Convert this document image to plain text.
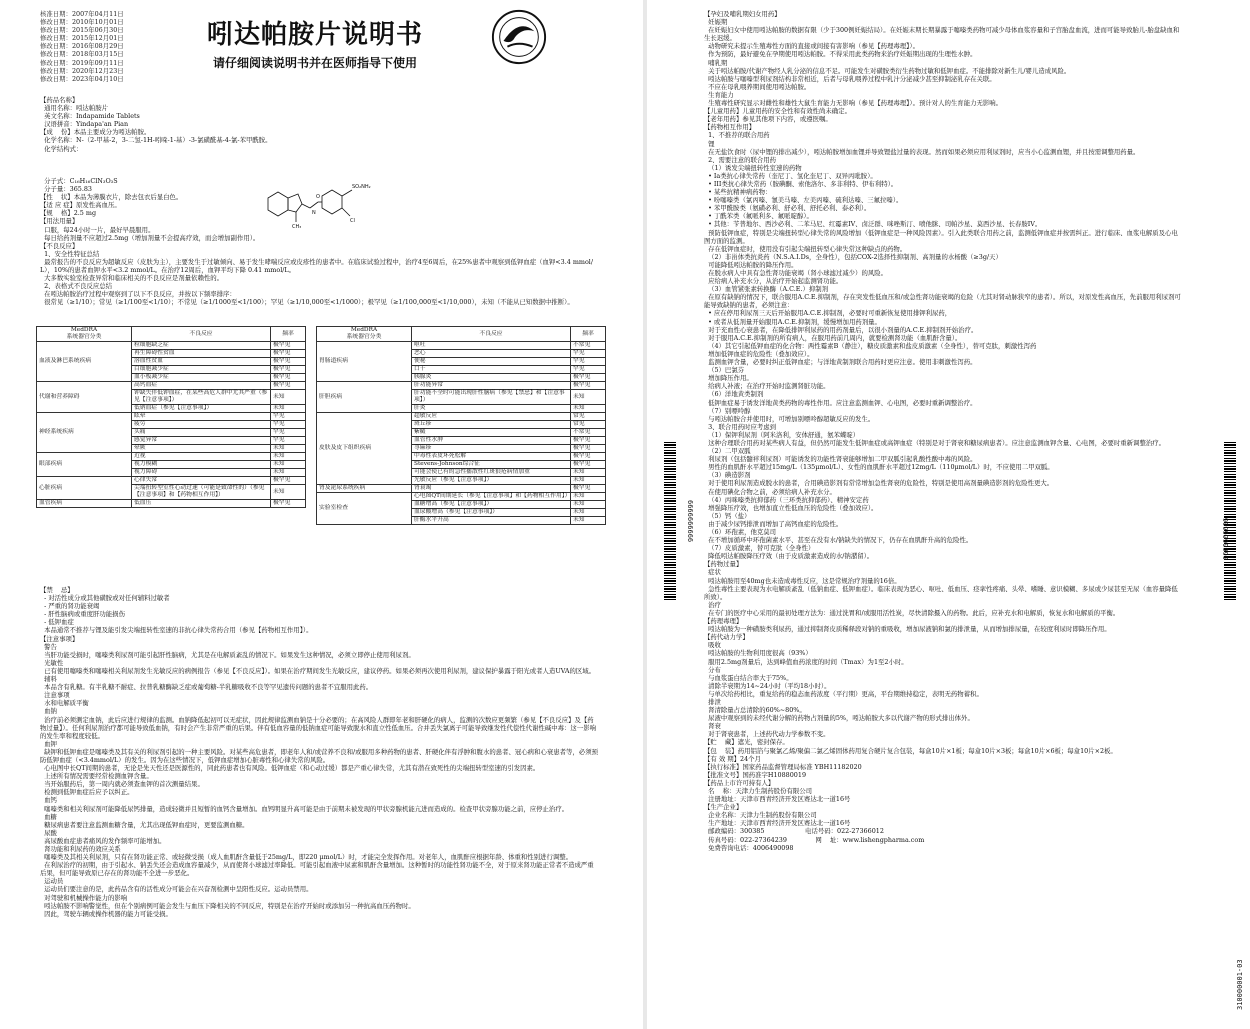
核准日期：2007年04月11日
修改日期：2010年10月01日
修改日期：2015年06月30日
修改日期：2015年12月01日
修改日期：2016年08月29日
修改日期：2018年03月15日
修改日期：2019年09月11日
修改日期：2020年12月23日
修改日期：2023年04月10日
吲达帕胺片说明书
请仔细阅读说明书并在医师指导下使用
【药品名称】
通用名称：吲达帕胺片
英文名称：Indapamide Tablets
汉语拼音：Yindapa'an Pian
【成    份】本品主要成分为吲达帕胺。
化学名称：N-（2-甲基-2，3-二氢-1H-吲哚-1-基）-3-氯磺酰基-4-氯-苯甲酰胺。
化学结构式：

分子式：C₁₆H₁₆ClN₃O₃S
分子量：365.83
【性    状】本品为薄膜衣片，除去包衣后显白色。
【适 应 症】原发性高血压。
【规    格】2.5 mg
【用法用量】
口服，每24小时一片，最好早晨服用。
每日给药剂量不应超过2.5mg（增加剂量不会提高疗效，而会增加副作用）。
【不良反应】
1、安全性特征总结
最常报告的不良反应为超敏反应（皮肤为主），主要发生于过敏倾向、易于发生哮喘反应或皮疹性的患者中。在临床试验过程中，治疗4至6周后，在25%患者中观察到低钾血症（血钾<3.4 mmol/L），10%的患者血钾水平<3.2 mmol/L。在治疗12周后，血钾平均下降 0.41 mmol/L。
大多数实验室检查异常和临床相关的不良反应是剂量依赖性的。
2、表格式不良反应总结
在吲达帕胺治疗过程中观察到了以下不良反应，并按以下频率排序：
很常见（≥1/10）；常见（≥1/100至<1/10）；不常见（≥1/1000至<1/100）；罕见（≥1/10,000至<1/1000）；极罕见（≥1/100,000至<1/10,000），未知（不能从已知数据中推断）。
N
O
SO₂NH₂
Cl
CH₃
MedDRA
系统器官分类	不良反应	频率
血液及淋巴系统疾病	粒细胞缺乏症	极罕见
	再生障碍性贫血	极罕见
	溶血性贫血	极罕见
	白细胞减少症	极罕见
	血小板减少症	极罕见
代谢和营养障碍	高钙血症	极罕见
	钾缺失伴低钾血症，在某些高危人群中尤其严重（参见【注意事项】）	未知
	低钠血症（参见【注意事项】）	未知
神经系统疾病	眩晕	罕见
	疲劳	罕见
	头痛	罕见
	感觉异常	罕见
	晕厥	未知
眼部疾病	近视	未知
	视力模糊	未知
	视力障碍	未知
心脏疾病	心律失常	极罕见
	尖端扭转型室性心动过速（可能是致命性的）（参见【注意事项】和【药物相互作用】）	未知
血管疾病	低血压	极罕见
MedDRA
系统器官分类	不良反应	频率
胃肠道疾病	呕吐	不常见
	恶心	罕见
	便秘	罕见
	口干	罕见
	胰腺炎	极罕见
肝胆疾病	肝功能异常	极罕见
	肝功能不全时可能出现肝性脑病（参见【禁忌】和【注意事项】）	未知
	肝炎	未知
皮肤及皮下组织疾病	超敏反应	常见
	斑丘疹	常见
	紫癜	不常见
	血管性水肿	极罕见
	荨麻疹	极罕见
	中毒性表皮坏死松解	极罕见
	Stevens-Johnson综合征	极罕见
	可能会使已有的急性播散性红斑狼疮病情加重	未知
	光敏反应（参见【注意事项】）	未知
肾及泌尿系统疾病	肾衰竭	极罕见
实验室检查	心电图QT间期延长（参见【注意事项】和【药物相互作用】）	未知
	血糖增高（参见【注意事项】）	未知
	血尿酸增高（参见【注意事项】）	未知
	肝酶水平升高	未知
【禁    忌】
- 对活性成分或其他磺胺或对任何辅料过敏者
- 严重的肾功能衰竭
- 肝性脑病或重度肝功能损伤
- 低钾血症
本品通常不推荐与锂及能引发尖端扭转性室速的非抗心律失常药合用（参见【药物相互作用】）。
【注意事项】
警告
当肝功能受损时，噻嗪类利尿剂可能引起肝性脑病，尤其是在电解质紊乱的情况下。如果发生这种情况，必须立即停止使用利尿剂。
光敏性
已有使用噻嗪类和噻嗪相关利尿剂发生光敏反应的病例报告（参见【不良反应】）。如果在治疗期间发生光敏反应，建议停药。如果必须再次使用利尿剂，建议保护暴露于阳光或者人造UVA的区域。
辅料
本品含有乳糖。有半乳糖不耐症、拉普乳糖酶缺乏症或葡萄糖-半乳糖吸收不良等罕见遗传问题的患者不宜服用此药。
注意事项
水和电解质平衡
血钠
治疗前必须测定血钠，此后应进行规律的监测。血钠降低起初可以无症状，因此规律监测血钠是十分必要的；在高风险人群即年老和肝硬化的病人，监测的次数应更频繁（参见【不良反应】及【药物过量】）。任何利尿剂治疗都可能导致低血钠，有时会产生非常严重的后果。伴有低血容量的低钠血症可能导致脱水和直立性低血压。合并丢失氯离子可能导致继发性代偿性代谢性碱中毒：这一影响的发生率和程度较低。
血钾
缺钾和低钾血症是噻嗪类及其有关的利尿剂引起的一种主要风险。对某些高危患者，即老年人和/或营养不良和/或服用多种药物的患者、肝硬化伴有浮肿和腹水的患者、冠心病和心衰患者等，必须预防低钾血症（<3.4mmol/L）的发生。因为在这些情况下，低钾血症增加心脏毒性和心律失常的风险。
心电图中长QT间期的患者，无论是先天性还是医源性的，同此药患者也有风险。低钾血症（和心动过缓）都是产重心律失常，尤其有潜在致死性的尖端扭转型室速的引发因素。
上述所有情况需要经常检测血钾含量。
当开始服药后，第一周内就必须查血钾的首次测量结果。
检测到低钾血症后应予以纠正。
血钙
噻嗪类和相关利尿剂可能降低尿钙排量，造成轻微并且短暂的血钙含量增加。血钙明显升高可能是由于前期未被发现的甲状旁腺机能亢进而造成的。检查甲状旁腺功能之前，应停止治疗。
血糖
糖尿病患者要注意监测血糖含量，尤其出现低钾血症时，更要监测血糖。
尿酸
高尿酸血症患者痛风的发作频率可能增加。
肾功能和利尿药的效应关系
噻嗪类及其相关利尿剂，只有在肾功能正常、或轻微受损（成人血肌酐含量低于25mg/L，即220 µmol/L）时，才能完全发挥作用。对老年人，血肌酐应根据年龄、体重和性别进行调整。
在利尿治疗的初期，由于引起水、钠丢失还会造成血容量减少，从而使肾小球滤过率降低。可能引起血液中尿素和肌酐含量增加。这种暂时的功能性肾功能不全，对于原来肾功能正常者不造成严重后果，但可能导致原已存在的肾功能不全进一步恶化。
运动员
运动员们要注意的是，此药品含有的活性成分可能会在兴奋剂检测中呈阳性反应。运动员禁用。
对驾驶和机械操作能力的影响
吲达帕胺不影响警觉性，但在个别病例可能会发生与血压下降相关的不同反应，特别是在治疗开始时或添加另一种抗高血压药物时。
因此，驾驶车辆或操作机器的能力可能受损。
【孕妇及哺乳期妇女用药】
妊娠期
在妊娠妇女中使用吲达帕胺的数据有限（少于300例妊娠结局）。在妊娠末期长期暴露于噻嗪类药物可减少母体血浆容量和子宫胎盘血流，进而可能导致胎儿-胎盘缺血和生长迟缓。
动物研究未提示生殖毒性方面的直接或间接有害影响（参见【药理毒理】）。
作为预防，最好避免在孕期使用吲达帕胺。不得采用此类药物来治疗妊娠期出现的生理性水肿。
哺乳期
关于吲达帕胺/代谢产物经人乳分泌的信息不足。可能发生对磺胺类衍生药物过敏和低钾血症。不能排除对新生儿/婴儿造成风险。
吲达帕胺与噻嗪型利尿剂结构非常相近，后者与母乳喂养过程中乳汁分泌减少甚至抑制泌乳存在关联。
不应在母乳喂养期间使用吲达帕胺。
生育能力
生殖毒性研究显示对雌性和雄性大鼠生育能力无影响（参见【药理毒理】）。预计对人的生育能力无影响。
【儿童用药】儿童用药的安全性和有效性尚未确定。
【老年用药】参见其他项下内容，或遵医嘱。
【药物相互作用】
1、不推荐的联合用药
锂
在无盐饮食时（尿中锂的排出减少），吲达帕胺增加血锂并导致锂盐过量的表现。然而如果必须应用利尿剂时，应当小心监测血锂，并且按需调整用药量。
2、需要注意的联合用药
（1）诱发尖端扭转性室速的药物
• Ia类抗心律失常药（奎尼丁、氢化奎尼丁、双异丙吡胺）。
• III类抗心律失常药（胺碘酮、索他洛尔、多非利特、伊布利特）。
• 某些抗精神病药物：
• 吩噻嗪类（氯丙嗪、氰美马嗪、左美丙嗪、硫利达嗪、三氟拉嗪）。
• 苯甲酰胺类（氨磺必利、舒必利、舒托必利、泰必利）。
• 丁酰苯类（氟哌利多、氟哌啶醇）。
• 其他：苄普地尔、西沙必利、二苯马尼、红霉素IV、卤泛群、咪唑斯汀、喷他脒、司帕沙星、莫西沙星、长春胺IV。
预防低钾血症，特别是尖端扭转型心律失常的风险增加（低钾血症是一种风险因素）。引入此类联合用药之前，监测低钾血症并按需纠正。进行临床、血浆电解质及心电图方面的监测。
存在低钾血症时，使用没有引起尖端扭转型心律失常这种缺点的药物。
（2）非甾体类抗炎药（N.S.A.I.Ds，全身性），包括COX-2选择性抑制剂、高剂量的水杨酸（≥3g/天）
可能降低吲达帕胺的降压作用。
在脱水病人中具有急性肾功能衰竭（肾小球滤过减少）的风险。
应给病人补充水分，从治疗开始起监测肾功能。
（3）血管紧张素转换酶（A.C.E.）抑制剂
在原有缺钠的情况下，联合服用A.C.E.抑制剂，存在突发性低血压和/或急性肾功能衰竭的危险（尤其对肾动脉狭窄的患者）。所以，对原发性高血压，先前服用利尿剂可能导致缺钠的患者，必须注意：
• 应在停用利尿剂三天后开始服用A.C.E.抑制剂，必要时可重新恢复使用排钾利尿药，
• 或者从低剂量开始服用A.C.E.抑制剂，缓慢增加用药剂量。
对于充血性心衰患者，在降低排钾利尿药的用药剂量后，以很小剂量的A.C.E.抑制剂开始治疗。
对于服用A.C.E.抑制剂的所有病人，在服用药前几周内，就要检测肾功能（血肌酐含量）。
（4）其它引起低钾血症的化合物：两性霉素B（静注），糖皮质激素和盐皮质激素（全身性），替可克肽，刺激性泻药
增加低钾血症的危险性（叠加效应）。
监测血钾含量，必要时纠正低钾血症；与洋地黄制剂联合用药时更应注意。使用非刺激性泻药。
（5）巴氯芬
增加降压作用。
给病人补液；在治疗开始时监测肾脏功能。
（6）洋地黄类制剂
低钾血症易于诱发洋地黄类药物的毒性作用。应注意监测血钾、心电图，必要时重新调整治疗。
（7）别嘌呤醇
与吲达帕胺合并使用时，可增加别嘌呤醇超敏反应的发生。
3、联合用药时应考虑到
（1）保钾利尿剂（阿米洛利，安体舒通，氨苯蝶啶）
这种合理联合用药对某些病人有益，但仍然可能发生低钾血症或高钾血症（特别是对于肾衰和糖尿病患者）。应注意监测血钾含量、心电图，必要时重新调整治疗。
（2）二甲双胍
利尿剂（包括髓袢利尿剂）可能诱发的功能性肾衰能够增加二甲双胍引起乳酸性酸中毒的风险。
男性的血肌酐水平超过15mg/L（135µmol/L）、女性的血肌酐水平超过12mg/L（110µmol/L）时，不应使用二甲双胍。
（3）碘造影剂
对于使用利尿剂造成脱水的患者，合用碘造影剂有常常增加急性肾衰的危险性，特别是使用高剂量碘造影剂的危险性更大。
在使用碘化合物之前，必须给病人补充水分。
（4）丙咪嗪类抗抑郁药（三环类抗抑郁药）、精神安定药
增强降压疗效，也增加直立性低血压的危险性（叠加效应）。
（5）钙（盐）
由于减少尿钙排泄而增加了高钙血症的危险性。
（6）环孢素，他克莫司
在不增加循环中环孢菌素水平、甚至在没有水/钠缺失的情况下，仍存在血肌酐升高的危险性。
（7）皮质激素，替可克肽（全身性）
降低吲达帕胺降压疗效（由于皮质激素造成的水/钠潴留）。
【药物过量】
症状
吲达帕胺用至40mg也未造成毒性反应，这是常规治疗剂量的16倍。
急性毒性主要表现为水电解质紊乱（低钠血症、低钾血症）。临床表现为恶心、呕吐、低血压、痉挛性疼痛、头晕、嗜睡、意识模糊、多尿或少尿甚至无尿（血容量降低所致）。
治疗
在专门的医疗中心采用的最初处理方法为：通过洗胃和/或服用活性炭，尽快清除摄入的药物。此后，应补充水和电解质，恢复水和电解质的平衡。
【药理毒理】
吲达帕胺为一种磺胺类利尿药，通过抑制肾皮质稀释段对钠的重吸收，增加尿液钠和氯的排泄量，从而增加排尿量，在较度利尿时即降压作用。
【药代动力学】
吸收
吲达帕胺的生物利用度很高（93%）
服用2.5mg剂量后，达到峰值血药浓度的时间（Tmax）为1至2小时。
分布
与血浆蛋白结合率大于75%。
清除半衰期为14~24小时（平均18小时）。
与单次给药相比，重复给药的稳态血药浓度（平行期）更高，平台期维持稳定，表明无药物蓄积。
排泄
肾清除量占总清除的60%~80%。
尿液中观察到的未经代谢分解的药物占剂量的5%，吲达帕胺大多以代谢产物的形式排出体外。
肾衰
对于肾衰患者，上述药代动力学参数不变。
【贮    藏】遮光，密封保存。
【包    装】药用铝箔与聚氯乙烯/聚偏二氯乙烯固体药用复合硬片复合包装，每盒10片×1板；每盒10片×3板；每盒10片×6板；每盒10片×2板。
【有 效 期】24个月
【执行标准】国家药品监督管理局标准 YBH11182020
【批准文号】国药准字H10880019
【药品上市许可持有人】
名    称：天津力生制药股份有限公司
注册地址：天津市西青经济开发区赛达北一道16号
【生产企业】
企业名称：天津力生制药股份有限公司
生产地址：天津市西青经济开发区赛达北一道16号
邮政编码：300385                    电话号码：022-27366012
传真号码：022-27364239              网    址：www.lishengpharma.com
免费咨询电话：4006490098
6666666666	6666666666
310000001-03
